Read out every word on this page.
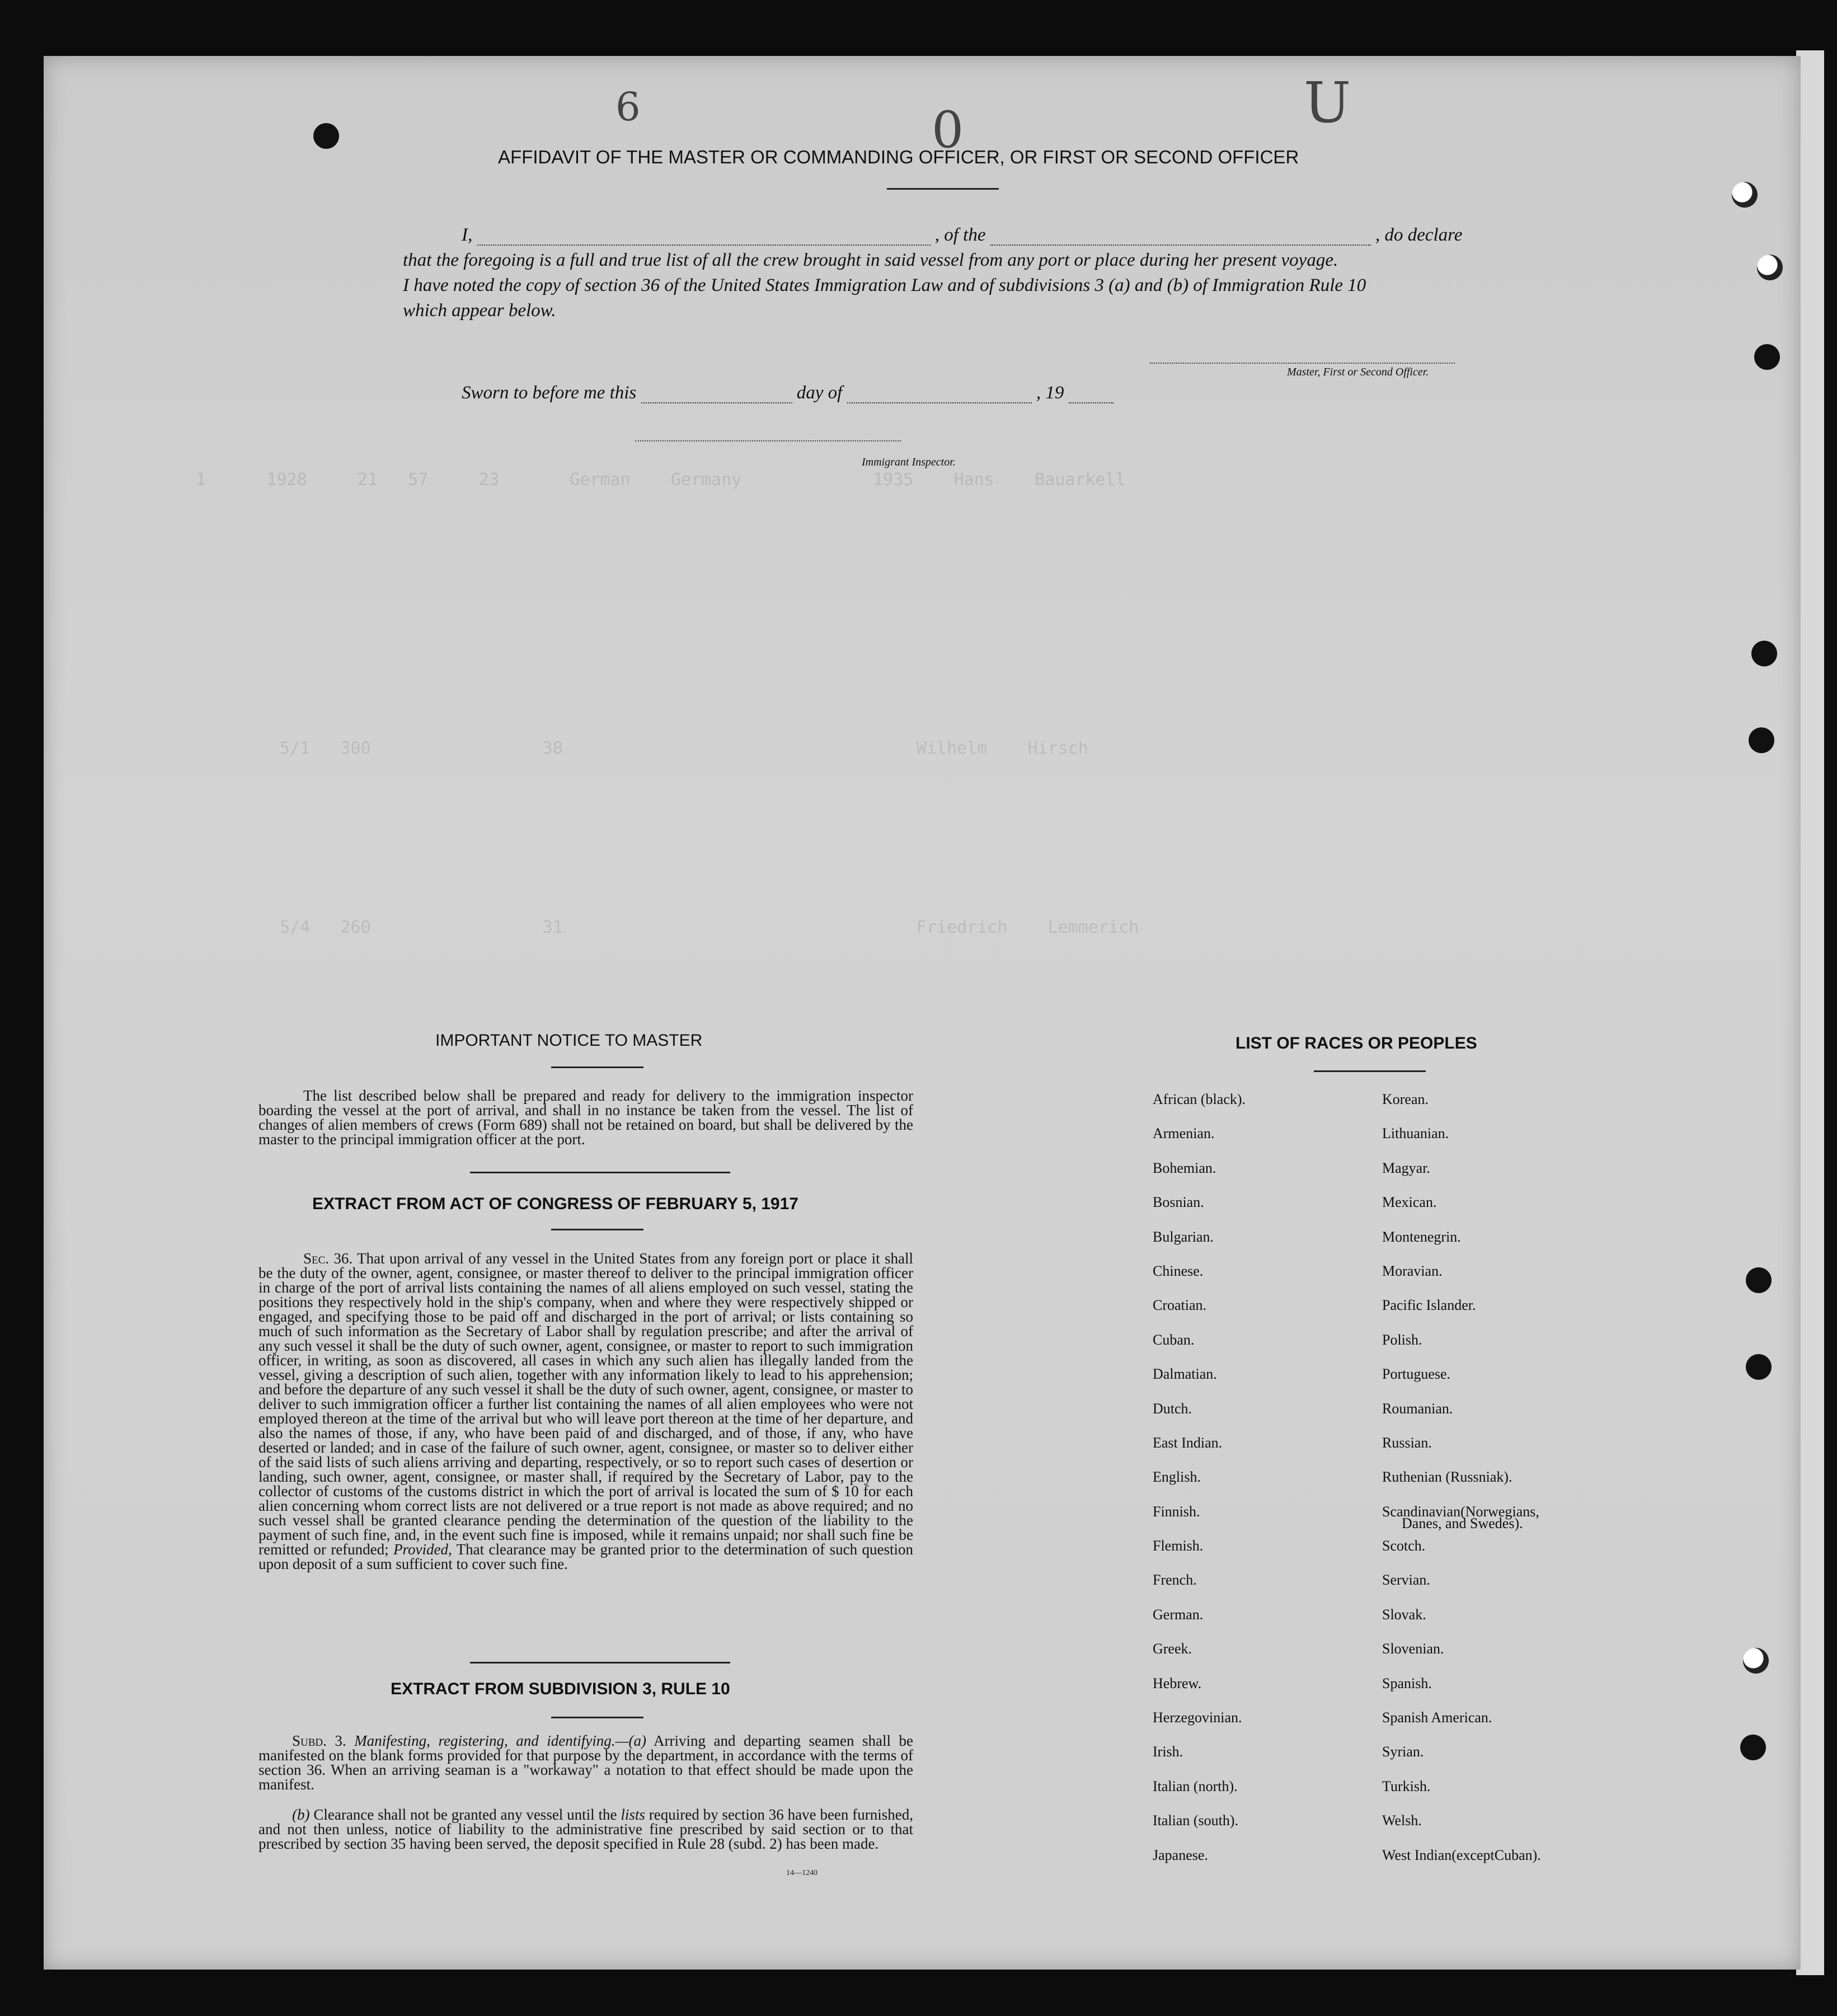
1      1928     21   57     23       German    Germany             1935    Hans    Bauarkell
5/1   300                 38                                   Wilhelm    Hirsch
5/4   260                 31                                   Friedrich    Lemmerich
6	0	U
AFFIDAVIT OF THE MASTER OR COMMANDING OFFICER, OR FIRST OR SECOND OFFICER
I,	, of the	, do declare
that the foregoing is a full and true list of all the crew brought in said vessel from any port or place during her present voyage.
I have noted the copy of section 36 of the United States Immigration Law and of subdivisions 3 (a) and (b) of Immigration Rule 10
which appear below.
Master, First or Second Officer.
Sworn to before me this	day of	, 19
Immigrant Inspector.
IMPORTANT NOTICE TO MASTER
The list described below shall be prepared and ready for delivery to the immigration inspector boarding the vessel at the port of arrival, and shall in no instance be taken from the vessel. The list of changes of alien members of crews (Form 689) shall not be retained on board, but shall be delivered by the master to the principal immigration officer at the port.
EXTRACT FROM ACT OF CONGRESS OF FEBRUARY 5, 1917
Sec. 36. That upon arrival of any vessel in the United States from any foreign port or place it shall be the duty of the owner, agent, consignee, or master thereof to deliver to the principal immigration officer in charge of the port of arrival lists containing the names of all aliens employed on such vessel, stating the positions they respectively hold in the ship's company, when and where they were respectively shipped or engaged, and specifying those to be paid off and discharged in the port of arrival; or lists containing so much of such information as the Secretary of Labor shall by regulation prescribe; and after the arrival of any such vessel it shall be the duty of such owner, agent, consignee, or master to report to such immigration officer, in writing, as soon as discovered, all cases in which any such alien has illegally landed from the vessel, giving a description of such alien, together with any information likely to lead to his apprehension; and before the departure of any such vessel it shall be the duty of such owner, agent, consignee, or master to deliver to such immigration officer a further list containing the names of all alien employees who were not employed thereon at the time of the arrival but who will leave port thereon at the time of her departure, and also the names of those, if any, who have been paid of and discharged, and of those, if any, who have deserted or landed; and in case of the failure of such owner, agent, consignee, or master so to deliver either of the said lists of such aliens arriving and departing, respectively, or so to report such cases of desertion or landing, such owner, agent, consignee, or master shall, if required by the Secretary of Labor, pay to the collector of customs of the customs district in which the port of arrival is located the sum of $ 10 for each alien concerning whom correct lists are not delivered or a true report is not made as above required; and no such vessel shall be granted clearance pending the determination of the question of the liability to the payment of such fine, and, in the event such fine is imposed, while it remains unpaid; nor shall such fine be remitted or refunded; Provided, That clearance may be granted prior to the determination of such question upon deposit of a sum sufficient to cover such fine.
EXTRACT FROM SUBDIVISION 3, RULE 10
Subd. 3. Manifesting, registering, and identifying.—(a) Arriving and departing seamen shall be manifested on the blank forms provided for that purpose by the department, in accordance with the terms of section 36. When an arriving seaman is a "workaway" a notation to that effect should be made upon the manifest.
(b) Clearance shall not be granted any vessel until the lists required by section 36 have been furnished, and not then unless, notice of liability to the administrative fine prescribed by said section or to that prescribed by section 35 having been served, the deposit specified in Rule 28 (subd. 2) has been made.
14—1240
LIST OF RACES OR PEOPLES
African (black).
Armenian.
Bohemian.
Bosnian.
Bulgarian.
Chinese.
Croatian.
Cuban.
Dalmatian.
Dutch.
East Indian.
English.
Finnish.
Flemish.
French.
German.
Greek.
Hebrew.
Herzegovinian.
Irish.
Italian (north).
Italian (south).
Japanese.
Korean.
Lithuanian.
Magyar.
Mexican.
Montenegrin.
Moravian.
Pacific Islander.
Polish.
Portuguese.
Roumanian.
Russian.
Ruthenian (Russniak).
Scandinavian(Norwegians,
Scotch.
Servian.
Slovak.
Slovenian.
Spanish.
Spanish American.
Syrian.
Turkish.
Welsh.
West Indian(exceptCuban).
Danes, and Swedes).
